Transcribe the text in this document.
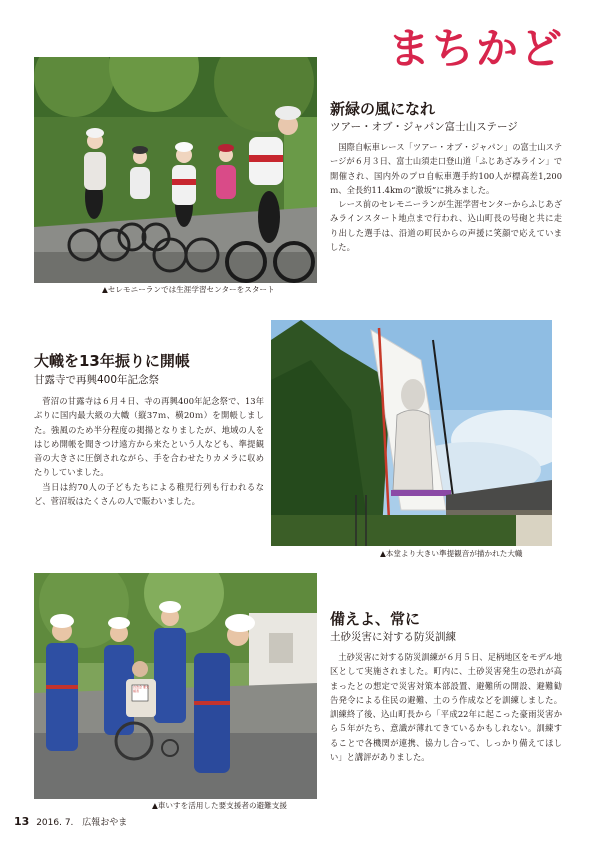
まちかど
▲セレモニーランでは生涯学習センターをスタート
新緑の風になれ
ツアー・オブ・ジャパン富士山ステージ

国際自転車レース「ツアー・オブ・ジャパン」の富士山ステージが６月３日、富士山須走口登山道「ふじあざみライン」で開催され、国内外のプロ自転車選手約100人が標高差1,200ｍ、全長約11.4kmの“激坂”に挑みました。

レース前のセレモニーランが生涯学習センターからふじあざみラインスタート地点まで行われ、込山町長の号砲と共に走り出した選手は、沿道の町民からの声援に笑顔で応えていました。

大幟を13年振りに開帳
甘露寺で再興400年記念祭

菅沼の甘露寺は６月４日、寺の再興400年記念祭で、13年ぶりに国内最大級の大幟（縦37ｍ、横20ｍ）を開帳しました。強風のため半分程度の掲揚となりましたが、地域の人をはじめ開帳を聞きつけ遠方から来たという人なども、準提観音の大きさに圧倒されながら、手を合わせたりカメラに収めたりしていました。

当日は約70人の子どもたちによる稚児行列も行われるなど、菅沼坂はたくさんの人で賑わいました。

▲本堂より大きい準提観音が描かれた大幟
自治会 要支援者
▲車いすを活用した要支援者の避難支援
備えよ、常に
土砂災害に対する防災訓練

土砂災害に対する防災訓練が６月５日、足柄地区をモデル地区として実施されました。町内に、土砂災害発生の恐れが高まったとの想定で災害対策本部設置、避難所の開設、避難勧告発令による住民の避難、土のう作成などを訓練しました。訓練終了後、込山町長から「平成22年に起こった豪雨災害から５年がたち、意識が薄れてきているかもしれない。訓練することで各機関が連携、協力し合って、しっかり備えてほしい」と講評がありました。

13 2016. 7. 広報おやま
